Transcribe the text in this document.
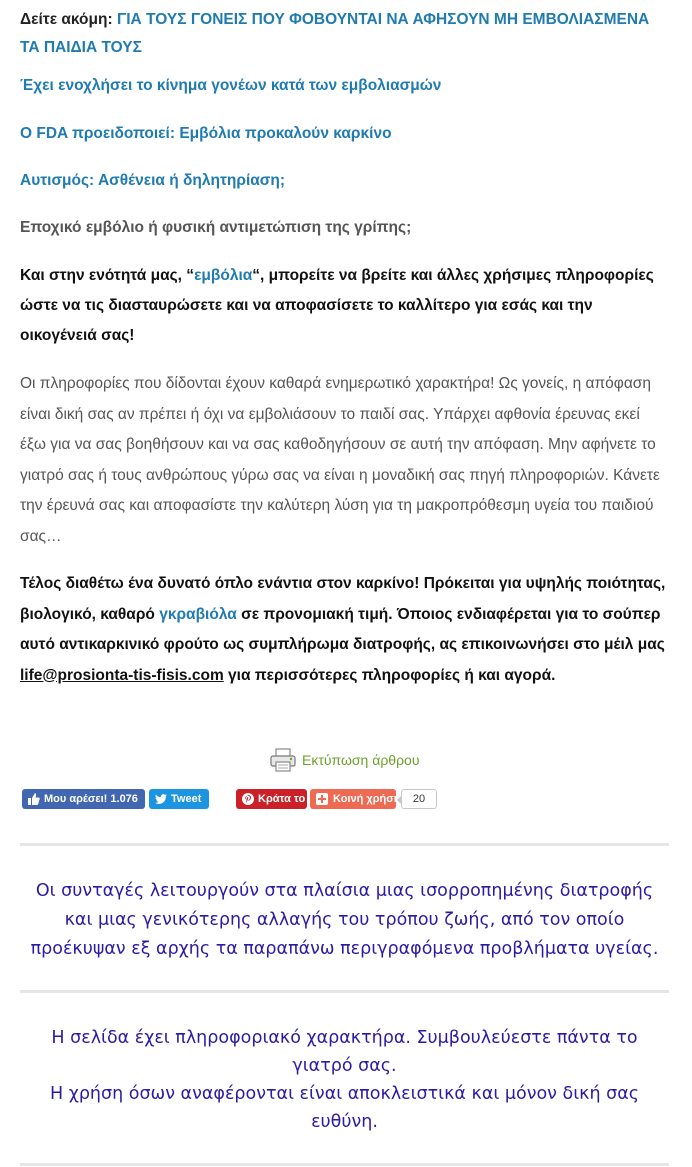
Δείτε ακόμη: ΓΙΑ ΤΟΥΣ ΓΟΝΕΙΣ ΠΟΥ ΦΟΒΟΥΝΤΑΙ ΝΑ ΑΦΗΣΟΥΝ ΜΗ ΕΜΒΟΛΙΑΣΜΕΝΑ ΤΑ ΠΑΙΔΙΑ ΤΟΥΣ

Έχει ενοχλήσει το κίνημα γονέων κατά των εμβολιασμών

Ο FDA προειδοποιεί: Εμβόλια προκαλούν καρκίνο

Αυτισμός: Ασθένεια ή δηλητηρίαση;

Εποχικό εμβόλιο ή φυσική αντιμετώπιση της γρίπης;

Και στην ενότητά μας, “εμβόλια“, μπορείτε να βρείτε και άλλες χρήσιμες πληροφορίες ώστε να τις διασταυρώσετε και να αποφασίσετε το καλλίτερο για εσάς και την οικογένειά σας!

Οι πληροφορίες που δίδονται έχουν καθαρά ενημερωτικό χαρακτήρα! Ως γονείς, η απόφαση είναι δική σας αν πρέπει ή όχι να εμβολιάσουν το παιδί σας. Υπάρχει αφθονία έρευνας εκεί έξω για να σας βοηθήσουν και να σας καθοδηγήσουν σε αυτή την απόφαση. Μην αφήνετε το γιατρό σας ή τους ανθρώπους γύρω σας να είναι η μοναδική σας πηγή πληροφοριών. Κάνετε την έρευνά σας και αποφασίστε την καλύτερη λύση για τη μακροπρόθεσμη υγεία του παιδιού σας…

Τέλος διαθέτω ένα δυνατό όπλο ενάντια στον καρκίνο! Πρόκειται για υψηλής ποιότητας, βιολογικό, καθαρό γκραβιόλα σε προνομιακή τιμή. Όποιος ενδιαφέρεται για το σούπερ αυτό αντικαρκινικό φρούτο ως συμπλήρωμα διατροφής, ας επικοινωνήσει στο μέιλ μας life@prosionta-tis-fisis.com για περισσότερες πληροφορίες ή και αγορά.

Εκτύπωση άρθρου
Μου αρέσει! 1.076	Tweet	Κράτα το	Κοινή χρήση	20
Οι συνταγές λειτουργούν στα πλαίσια μιας ισορροπημένης διατροφής και μιας γενικότερης αλλαγής του τρόπου ζωής, από τον οποίο προέκυψαν εξ αρχής τα παραπάνω περιγραφόμενα προβλήματα υγείας.
Η σελίδα έχει πληροφοριακό χαρακτήρα. Συμβουλεύεστε πάντα το γιατρό σας.
Η χρήση όσων αναφέρονται είναι αποκλειστικά και μόνον δική σας ευθύνη.
